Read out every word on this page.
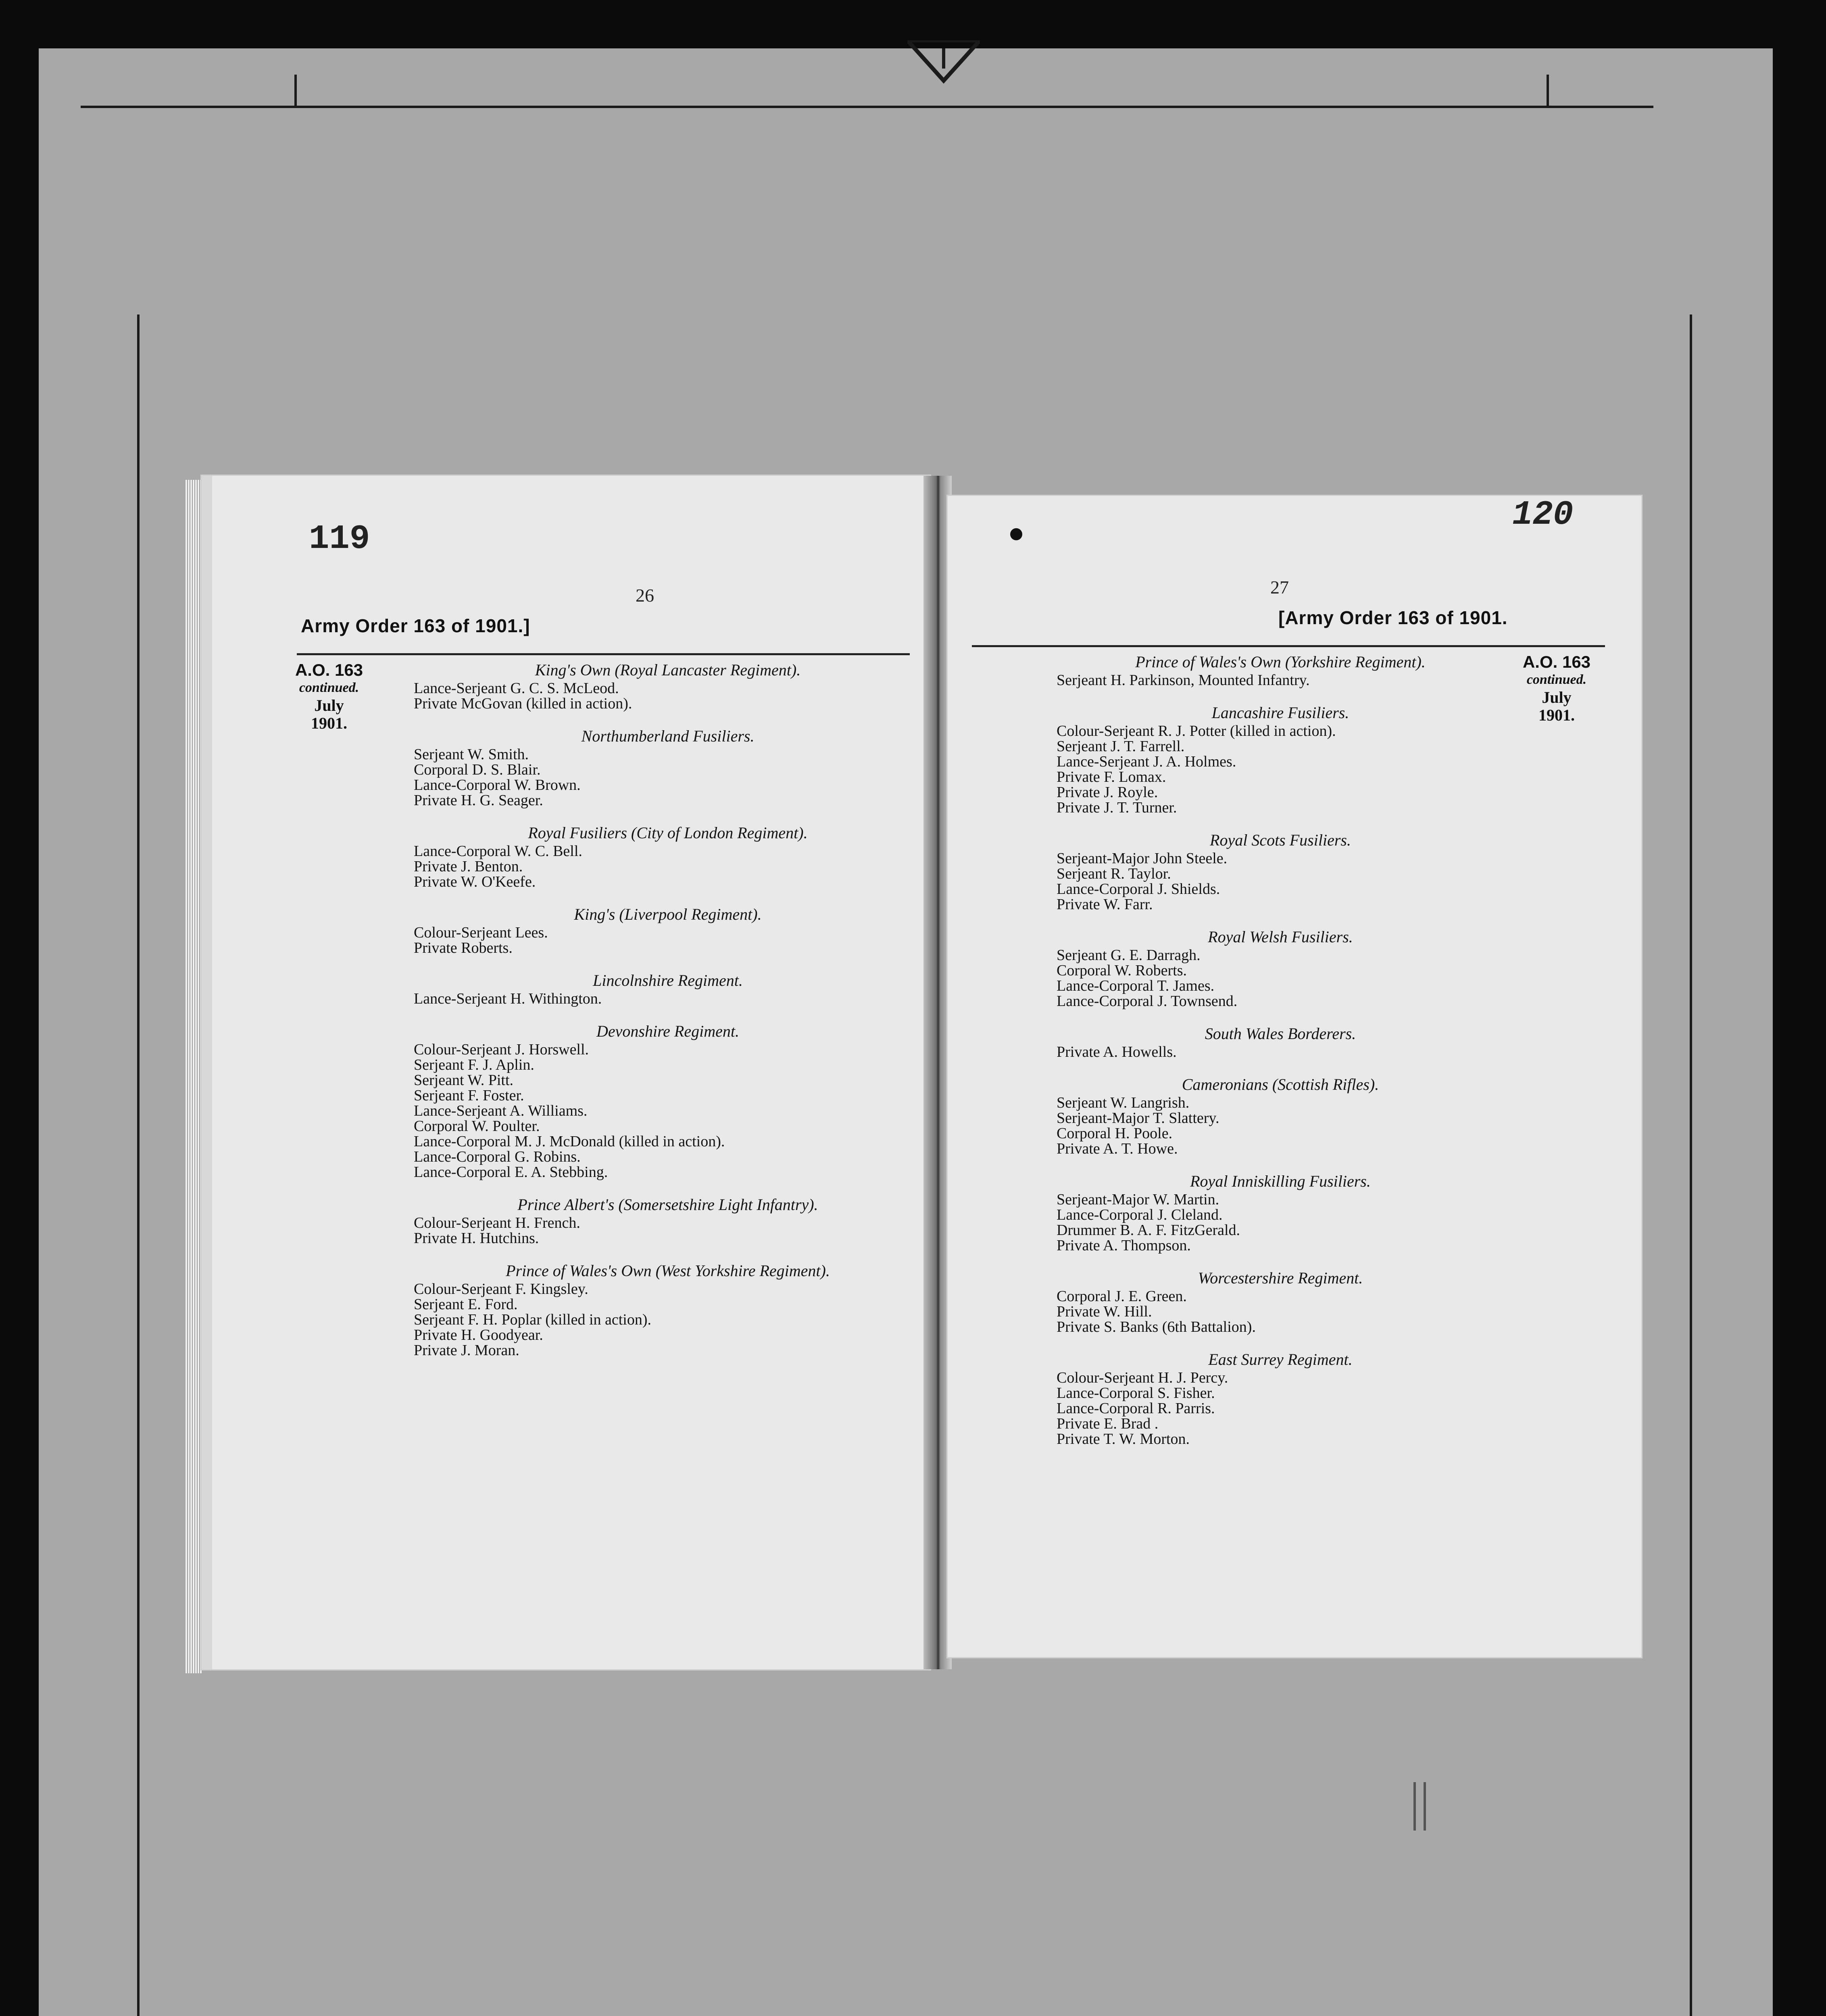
119
26
Army Order 163 of 1901.]
A.O. 163
continued.
July
1901.
King's Own (Royal Lancaster Regiment).
Lance-Serjeant G. C. S. McLeod.
Private McGovan (killed in action).
Northumberland Fusiliers.
Serjeant W. Smith.
Corporal D. S. Blair.
Lance-Corporal W. Brown.
Private H. G. Seager.
Royal Fusiliers (City of London Regiment).
Lance-Corporal W. C. Bell.
Private J. Benton.
Private W. O'Keefe.
King's (Liverpool Regiment).
Colour-Serjeant Lees.
Private Roberts.
Lincolnshire Regiment.
Lance-Serjeant H. Withington.
Devonshire Regiment.
Colour-Serjeant J. Horswell.
Serjeant F. J. Aplin.
Serjeant W. Pitt.
Serjeant F. Foster.
Lance-Serjeant A. Williams.
Corporal W. Poulter.
Lance-Corporal M. J. McDonald (killed in action).
Lance-Corporal G. Robins.
Lance-Corporal E. A. Stebbing.
Prince Albert's (Somersetshire Light Infantry).
Colour-Serjeant H. French.
Private H. Hutchins.
Prince of Wales's Own (West Yorkshire Regiment).
Colour-Serjeant F. Kingsley.
Serjeant E. Ford.
Serjeant F. H. Poplar (killed in action).
Private H. Goodyear.
Private J. Moran.
120
27
[Army Order 163 of 1901.
A.O. 163
continued.
July
1901.
Prince of Wales's Own (Yorkshire Regiment).
Serjeant H. Parkinson, Mounted Infantry.
Lancashire Fusiliers.
Colour-Serjeant R. J. Potter (killed in action).
Serjeant J. T. Farrell.
Lance-Serjeant J. A. Holmes.
Private F. Lomax.
Private J. Royle.
Private J. T. Turner.
Royal Scots Fusiliers.
Serjeant-Major John Steele.
Serjeant R. Taylor.
Lance-Corporal J. Shields.
Private W. Farr.
Royal Welsh Fusiliers.
Serjeant G. E. Darragh.
Corporal W. Roberts.
Lance-Corporal T. James.
Lance-Corporal J. Townsend.
South Wales Borderers.
Private A. Howells.
Cameronians (Scottish Rifles).
Serjeant W. Langrish.
Serjeant-Major T. Slattery.
Corporal H. Poole.
Private A. T. Howe.
Royal Inniskilling Fusiliers.
Serjeant-Major W. Martin.
Lance-Corporal J. Cleland.
Drummer B. A. F. FitzGerald.
Private A. Thompson.
Worcestershire Regiment.
Corporal J. E. Green.
Private W. Hill.
Private S. Banks (6th Battalion).
East Surrey Regiment.
Colour-Serjeant H. J. Percy.
Lance-Corporal S. Fisher.
Lance-Corporal R. Parris.
Private E. Brad .
Private T. W. Morton.
